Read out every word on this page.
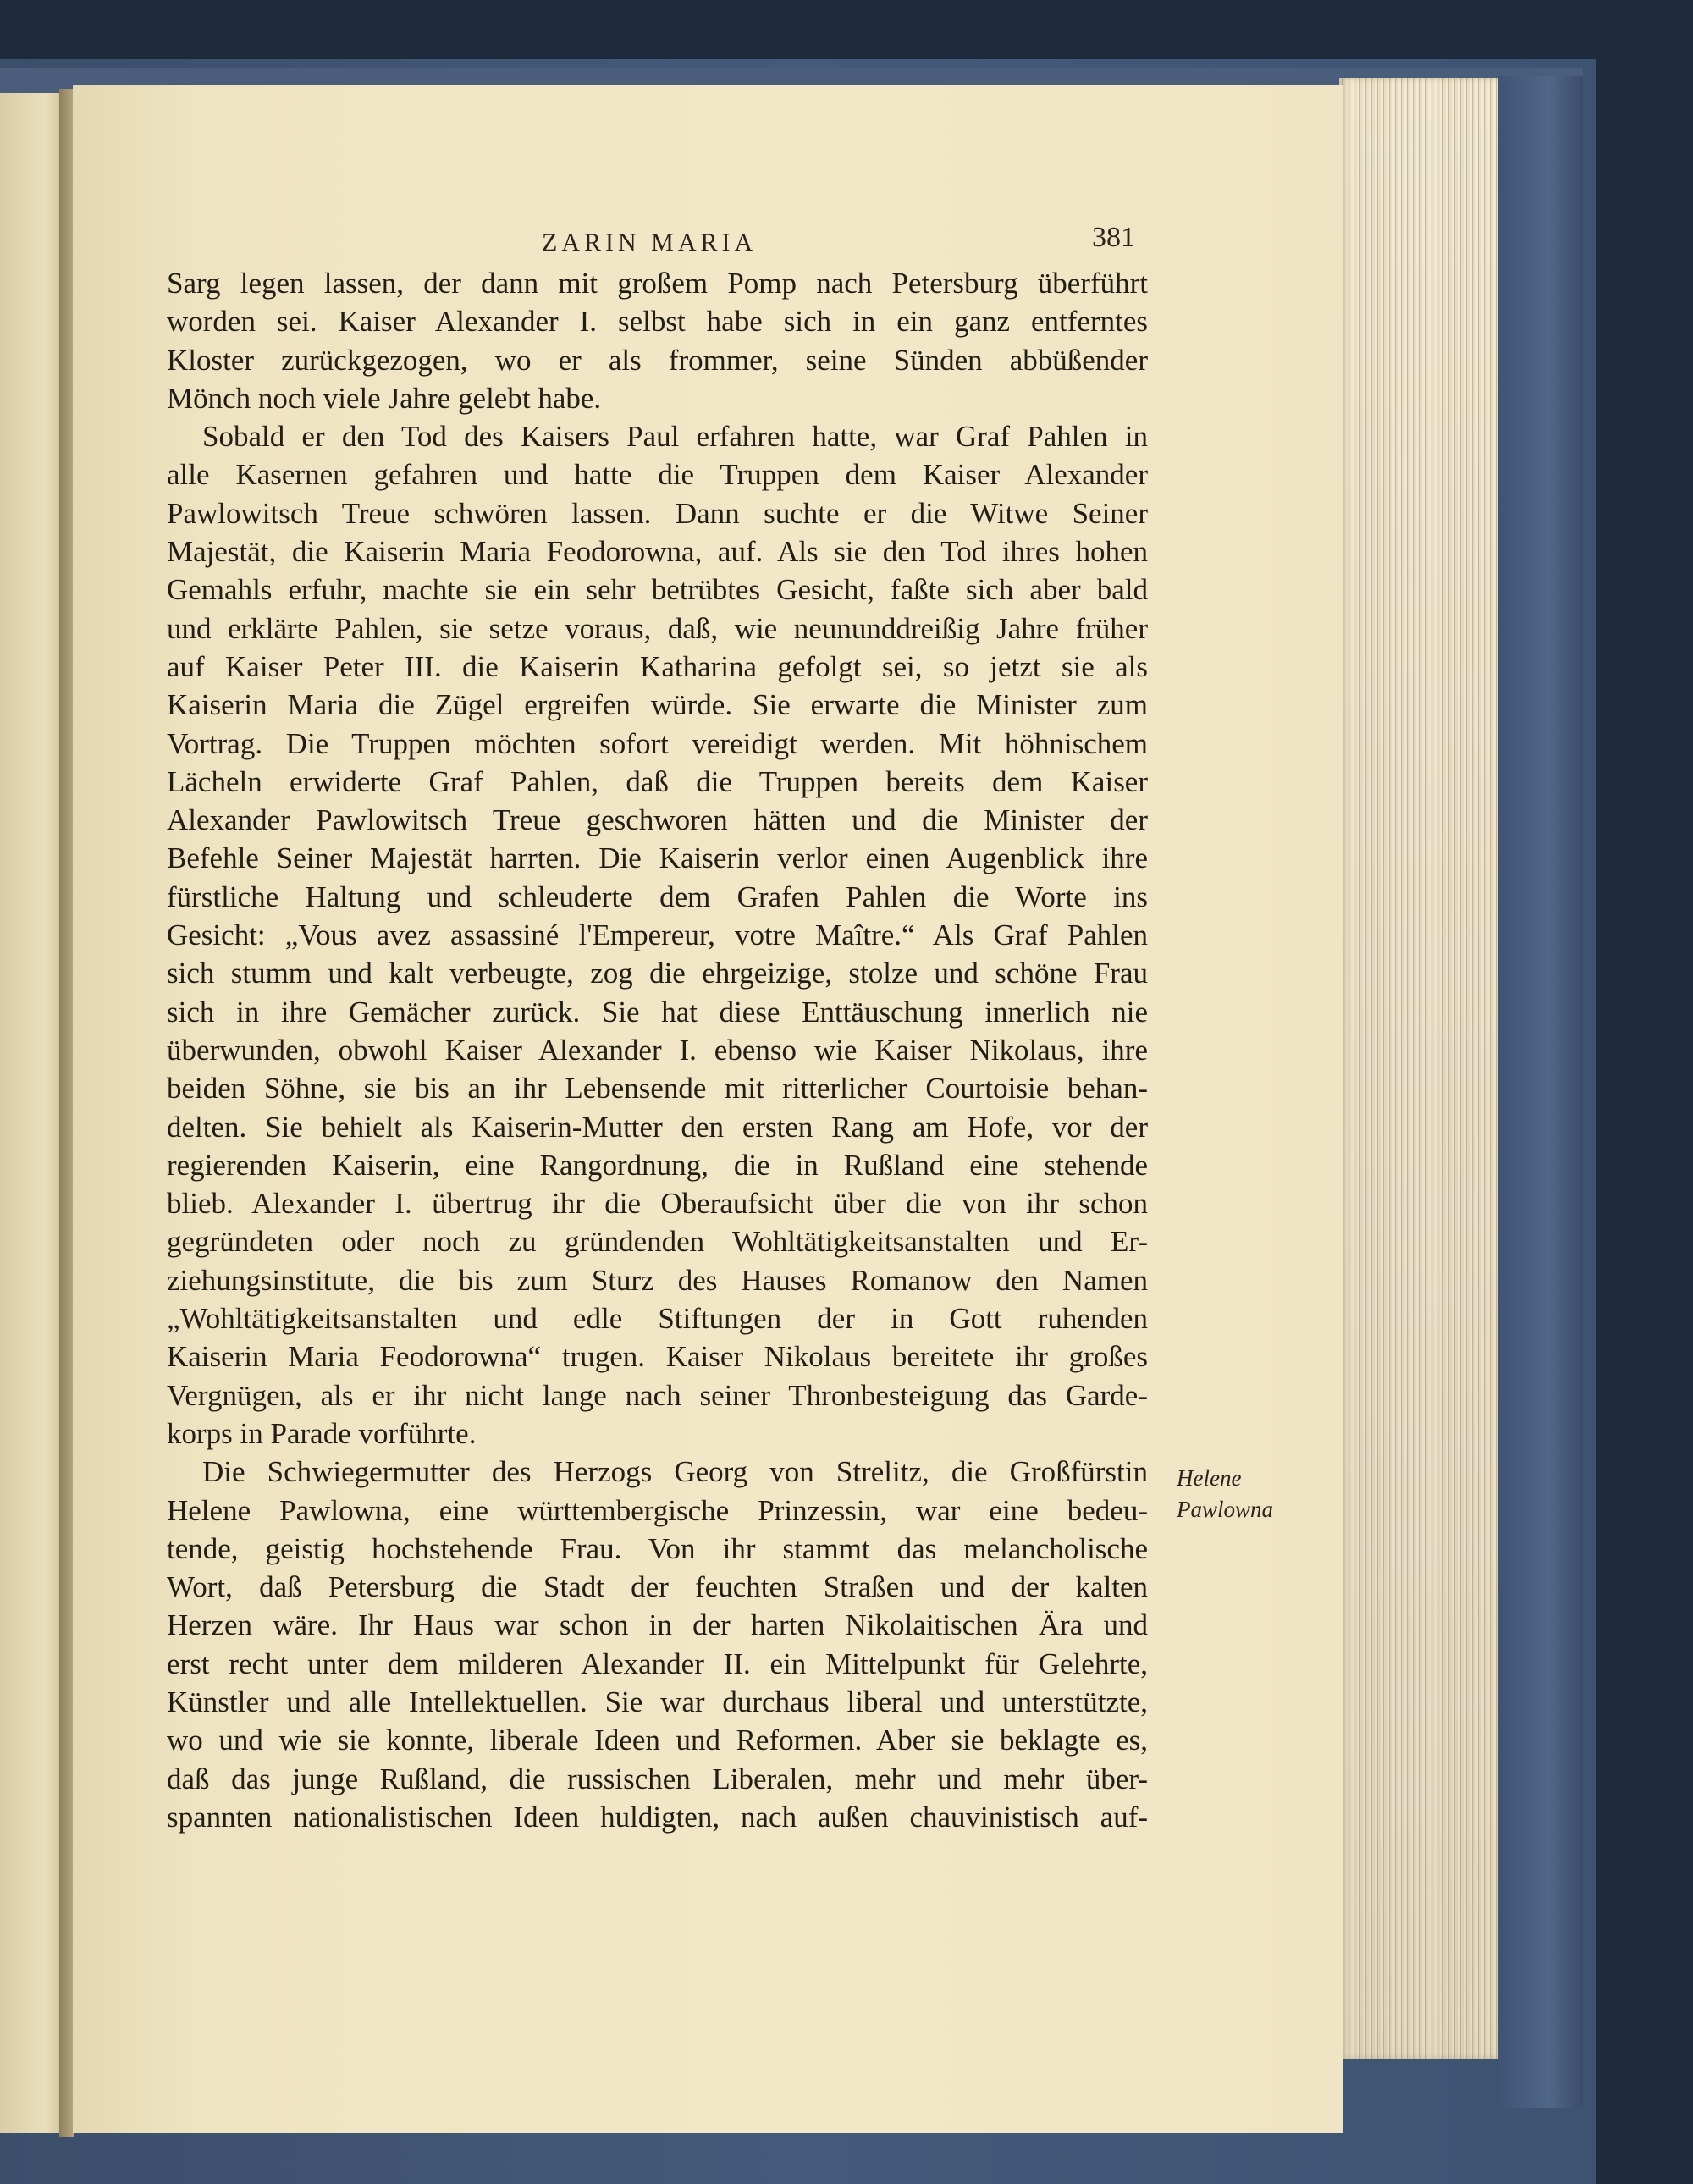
ZARIN MARIA	381
Sarg legen lassen, der dann mit großem Pomp nach Petersburg überführt
worden sei. Kaiser Alexander I. selbst habe sich in ein ganz entferntes
Kloster zurückgezogen, wo er als frommer, seine Sünden abbüßender
Mönch noch viele Jahre gelebt habe.
Sobald er den Tod des Kaisers Paul erfahren hatte, war Graf Pahlen in
alle Kasernen gefahren und hatte die Truppen dem Kaiser Alexander
Pawlowitsch Treue schwören lassen. Dann suchte er die Witwe Seiner
Majestät, die Kaiserin Maria Feodorowna, auf. Als sie den Tod ihres hohen
Gemahls erfuhr, machte sie ein sehr betrübtes Gesicht, faßte sich aber bald
und erklärte Pahlen, sie setze voraus, daß, wie neununddreißig Jahre früher
auf Kaiser Peter III. die Kaiserin Katharina gefolgt sei, so jetzt sie als
Kaiserin Maria die Zügel ergreifen würde. Sie erwarte die Minister zum
Vortrag. Die Truppen möchten sofort vereidigt werden. Mit höhnischem
Lächeln erwiderte Graf Pahlen, daß die Truppen bereits dem Kaiser
Alexander Pawlowitsch Treue geschworen hätten und die Minister der
Befehle Seiner Majestät harrten. Die Kaiserin verlor einen Augenblick ihre
fürstliche Haltung und schleuderte dem Grafen Pahlen die Worte ins
Gesicht: „Vous avez assassiné l'Empereur, votre Maître.“ Als Graf Pahlen
sich stumm und kalt verbeugte, zog die ehrgeizige, stolze und schöne Frau
sich in ihre Gemächer zurück. Sie hat diese Enttäuschung innerlich nie
überwunden, obwohl Kaiser Alexander I. ebenso wie Kaiser Nikolaus, ihre
beiden Söhne, sie bis an ihr Lebensende mit ritterlicher Courtoisie behan-
delten. Sie behielt als Kaiserin-Mutter den ersten Rang am Hofe, vor der
regierenden Kaiserin, eine Rangordnung, die in Rußland eine stehende
blieb. Alexander I. übertrug ihr die Oberaufsicht über die von ihr schon
gegründeten oder noch zu gründenden Wohltätigkeitsanstalten und Er-
ziehungsinstitute, die bis zum Sturz des Hauses Romanow den Namen
„Wohltätigkeitsanstalten und edle Stiftungen der in Gott ruhenden
Kaiserin Maria Feodorowna“ trugen. Kaiser Nikolaus bereitete ihr großes
Vergnügen, als er ihr nicht lange nach seiner Thronbesteigung das Garde-
korps in Parade vorführte.
Die Schwiegermutter des Herzogs Georg von Strelitz, die Großfürstin
Helene Pawlowna, eine württembergische Prinzessin, war eine bedeu-
tende, geistig hochstehende Frau. Von ihr stammt das melancholische
Wort, daß Petersburg die Stadt der feuchten Straßen und der kalten
Herzen wäre. Ihr Haus war schon in der harten Nikolaitischen Ära und
erst recht unter dem milderen Alexander II. ein Mittelpunkt für Gelehrte,
Künstler und alle Intellektuellen. Sie war durchaus liberal und unterstützte,
wo und wie sie konnte, liberale Ideen und Reformen. Aber sie beklagte es,
daß das junge Rußland, die russischen Liberalen, mehr und mehr über-
spannten nationalistischen Ideen huldigten, nach außen chauvinistisch auf-
Helene
Pawlowna
